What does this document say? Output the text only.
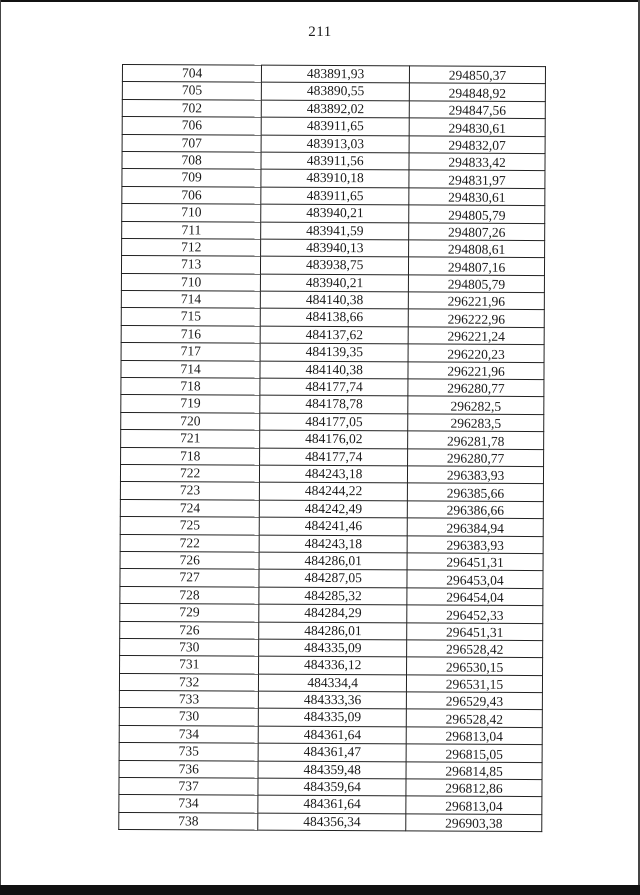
211
704	483891,93	294850,37
705	483890,55	294848,92
702	483892,02	294847,56
706	483911,65	294830,61
707	483913,03	294832,07
708	483911,56	294833,42
709	483910,18	294831,97
706	483911,65	294830,61
710	483940,21	294805,79
711	483941,59	294807,26
712	483940,13	294808,61
713	483938,75	294807,16
710	483940,21	294805,79
714	484140,38	296221,96
715	484138,66	296222,96
716	484137,62	296221,24
717	484139,35	296220,23
714	484140,38	296221,96
718	484177,74	296280,77
719	484178,78	296282,5
720	484177,05	296283,5
721	484176,02	296281,78
718	484177,74	296280,77
722	484243,18	296383,93
723	484244,22	296385,66
724	484242,49	296386,66
725	484241,46	296384,94
722	484243,18	296383,93
726	484286,01	296451,31
727	484287,05	296453,04
728	484285,32	296454,04
729	484284,29	296452,33
726	484286,01	296451,31
730	484335,09	296528,42
731	484336,12	296530,15
732	484334,4	296531,15
733	484333,36	296529,43
730	484335,09	296528,42
734	484361,64	296813,04
735	484361,47	296815,05
736	484359,48	296814,85
737	484359,64	296812,86
734	484361,64	296813,04
738	484356,34	296903,38
